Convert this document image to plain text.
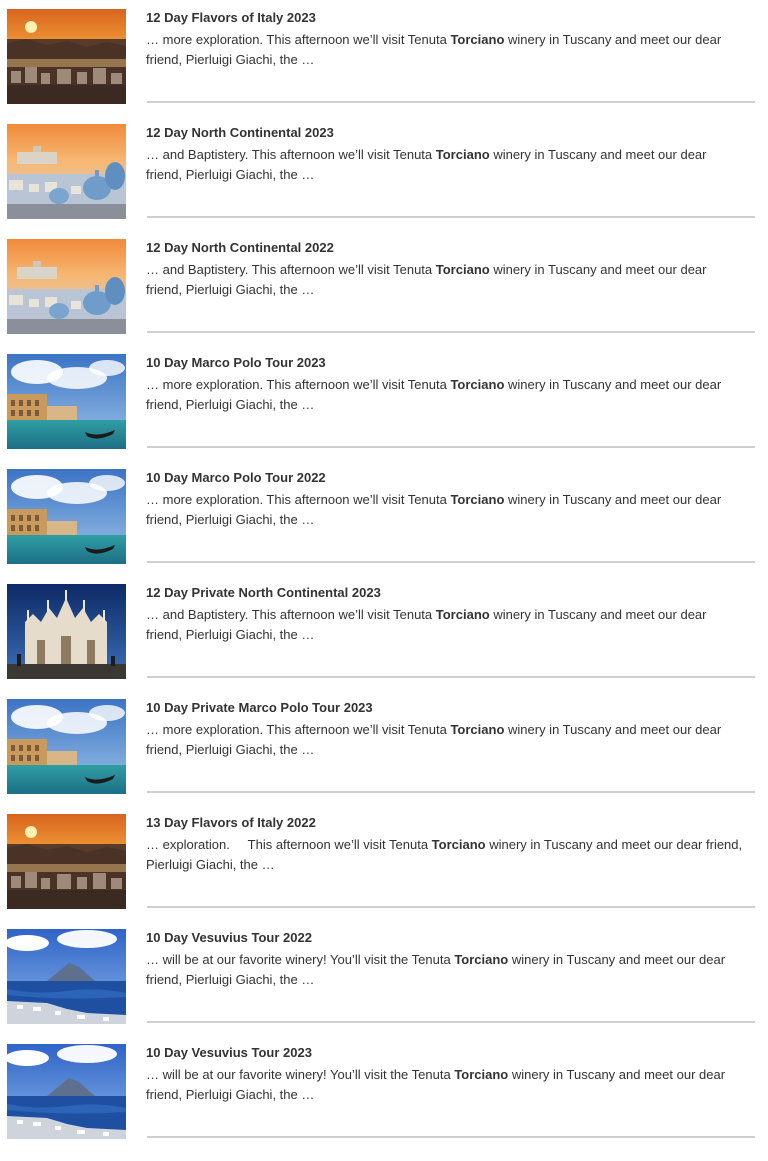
12 Day Flavors of Italy 2023
… more exploration. This afternoon we’ll visit Tenuta Torciano winery in Tuscany and meet our dear friend, Pierluigi Giachi, the …
12 Day North Continental 2023
… and Baptistery. This afternoon we’ll visit Tenuta Torciano winery in Tuscany and meet our dear friend, Pierluigi Giachi, the …
12 Day North Continental 2022
… and Baptistery. This afternoon we’ll visit Tenuta Torciano winery in Tuscany and meet our dear friend, Pierluigi Giachi, the …
10 Day Marco Polo Tour 2023
… more exploration. This afternoon we’ll visit Tenuta Torciano winery in Tuscany and meet our dear friend, Pierluigi Giachi, the …
10 Day Marco Polo Tour 2022
… more exploration. This afternoon we’ll visit Tenuta Torciano winery in Tuscany and meet our dear friend, Pierluigi Giachi, the …
12 Day Private North Continental 2023
… and Baptistery. This afternoon we’ll visit Tenuta Torciano winery in Tuscany and meet our dear friend, Pierluigi Giachi, the …
10 Day Private Marco Polo Tour 2023
… more exploration. This afternoon we’ll visit Tenuta Torciano winery in Tuscany and meet our dear friend, Pierluigi Giachi, the …
13 Day Flavors of Italy 2022
… exploration.     This afternoon we’ll visit Tenuta Torciano winery in Tuscany and meet our dear friend, Pierluigi Giachi, the …
10 Day Vesuvius Tour 2022
… will be at our favorite winery! You’ll visit the Tenuta Torciano winery in Tuscany and meet our dear friend, Pierluigi Giachi, the …
10 Day Vesuvius Tour 2023
… will be at our favorite winery! You’ll visit the Tenuta Torciano winery in Tuscany and meet our dear friend, Pierluigi Giachi, the …
